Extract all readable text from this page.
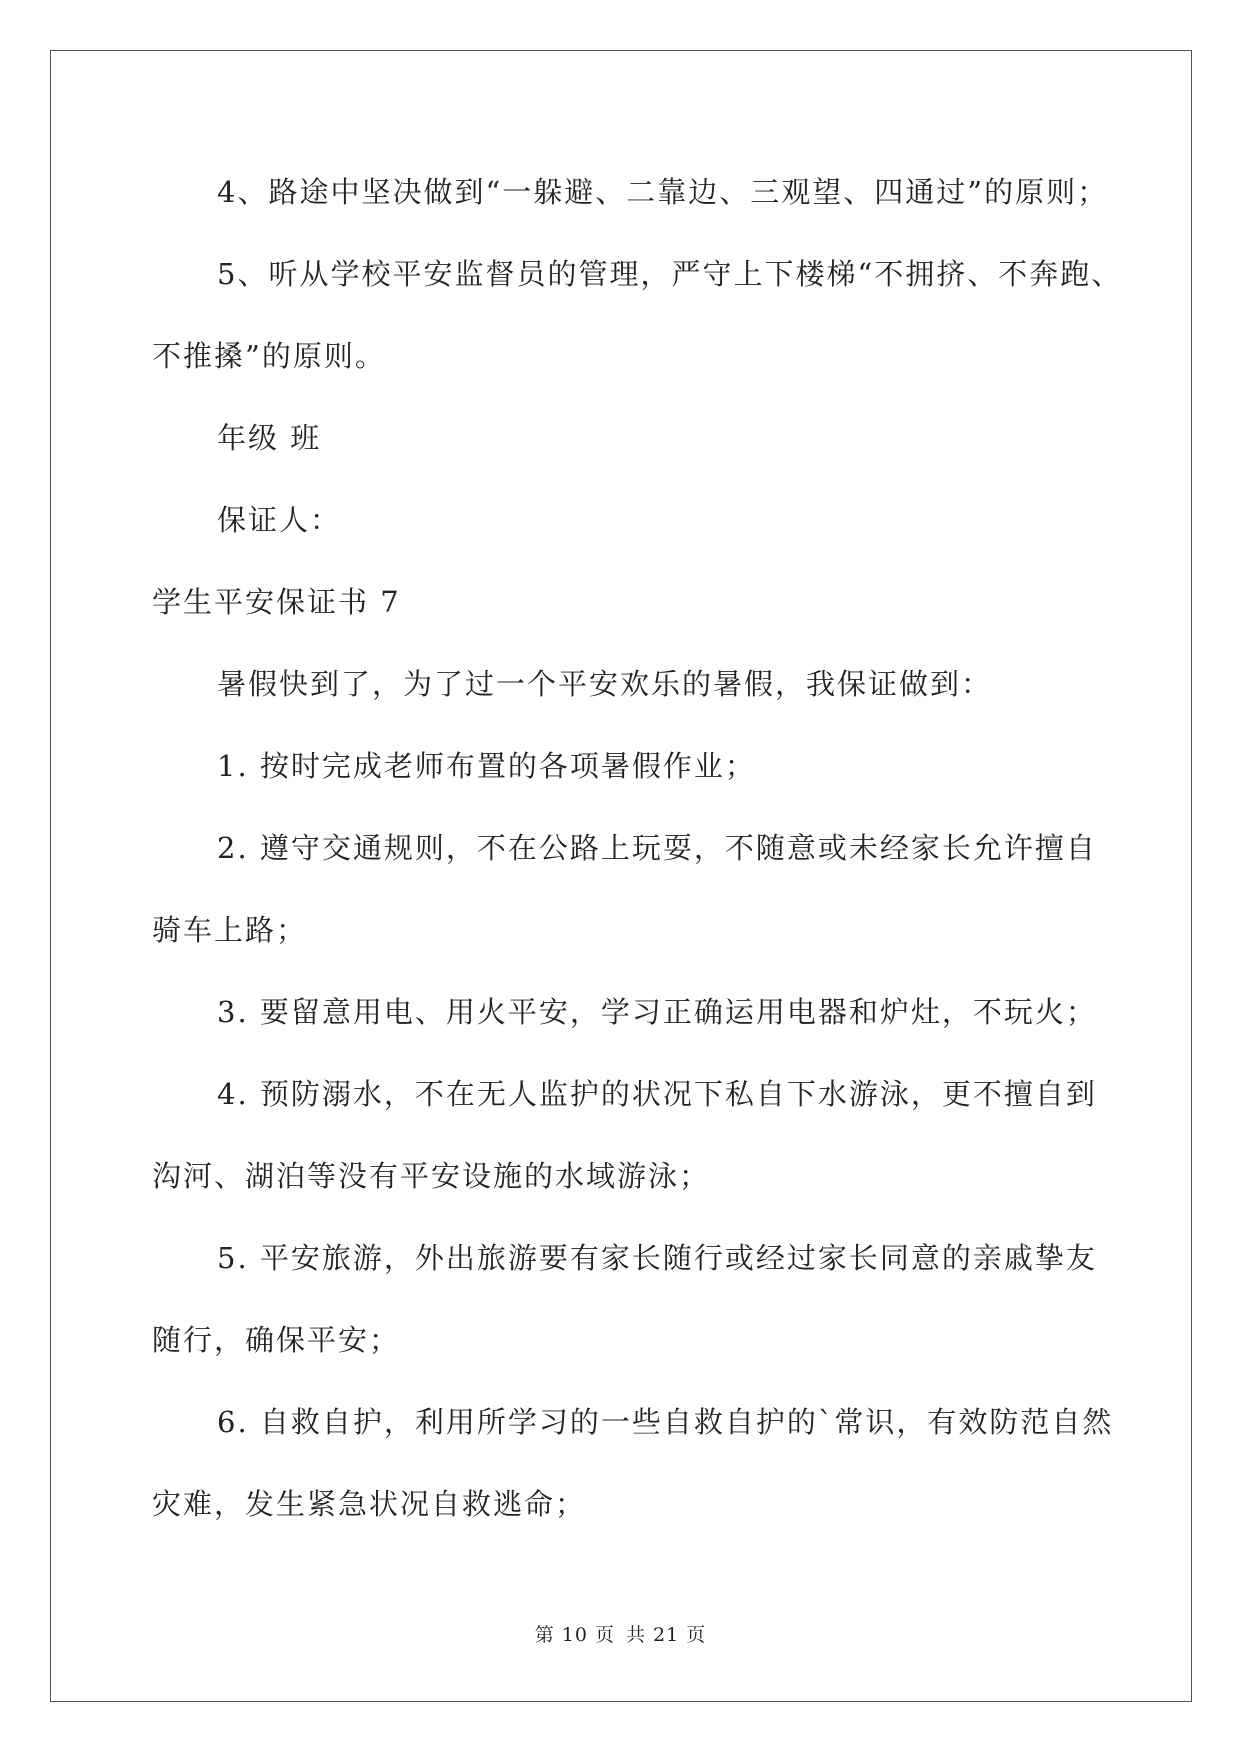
4、路途中坚决做到“一躲避、二靠边、三观望、四通过”的原则；
5、听从学校平安监督员的管理，严守上下楼梯“不拥挤、不奔跑、
不推搡”的原则。
年级 班
保证人：
学生平安保证书 7
暑假快到了，为了过一个平安欢乐的暑假，我保证做到：
1. 按时完成老师布置的各项暑假作业；
2. 遵守交通规则，不在公路上玩耍，不随意或未经家长允许擅自
骑车上路；
3. 要留意用电、用火平安，学习正确运用电器和炉灶，不玩火；
4. 预防溺水，不在无人监护的状况下私自下水游泳，更不擅自到
沟河、湖泊等没有平安设施的水域游泳；
5. 平安旅游，外出旅游要有家长随行或经过家长同意的亲戚挚友
随行，确保平安；
6. 自救自护，利用所学习的一些自救自护的`常识，有效防范自然
灾难，发生紧急状况自救逃命；
第 10 页 共 21 页
